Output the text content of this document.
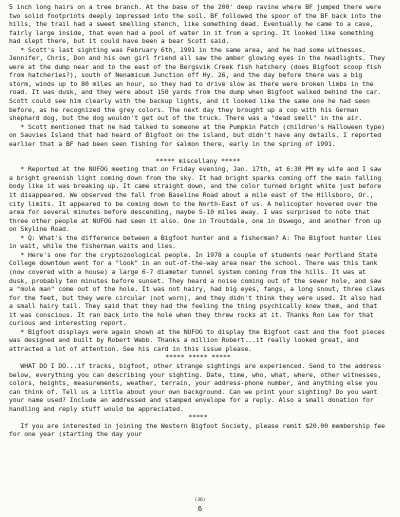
5 inch long hairs on a tree branch. At the base of the 200' deep ravine where BF jumped there were two solid footprints deeply impressed into the soil. BF followed the spoor of the BF back into the hills, the trail had a sweet smelling stench, like something dead. Eventually he came to a cave, fairly large inside, that even had a pool of water in it from a spring. It looked like something had slept there, but it could have been a bear Scott said.

* Scott's last sighting was February 6th, 1991 in the same area, and he had some witnesses. Jennifer, Chris, Don and his own girl friend all saw the amber glowing eyes in the headlights. They were at the dump near and to the east of the Bergsvik Creek fish hatchery (does Bigfoot scoop fish from hatcheries?), south of Nenamicum Junction off Hy. 26, and the day before there was a big storm, winds up to 80 miles an hour, so they had to drive slow as there were broken limbs in the road. It was dusk, and they were about 150 yards from the dump when Bigfoot walked behind the car. Scott could see him clearly with the backup lights, and it looked like the same one he had seen before, as he recognized the grey colors. The next day they brought up a cop with his German shephard dog, but the dog wouldn't get out of the truck. There was a "dead smell" in the air.

* Scott mentioned that he had talked to someone at the Pumpkin Patch (children's Halloween type) on Sauvies Island that had heard of Bigfoot on the island, but didn't have any details. I reported earlier that a BF had been seen fishing for salmon there, early in the spring of 1991.

***** miscellany *****

* Reported at the NUFOG meeting that on Friday evening, Jan. 17th, at 6:30 PM my wife and I saw a bright greenish light coming down from the sky. It had bright sparks coming off the main falling body like it was breaking up. It came straight down, and the color turned bright white just before it disappeared. We observed the fall from Baseline Road about a mile east of the Hillsboro, Or., city limits. It appeared to be coming down to the North-East of us. A helicopter hovered over the area for several minutes before descending, maybe 5-10 miles away. I was surprised to note that three other people at NUFOG had seen it also. One in Troutdale, one in Oswego, and another from up on Skyline Road.

* Q: What's the difference between a Bigfoot hunter and a fisherman? A: The Bigfoot hunter lies in wait, while the fisherman waits and lies.

* Here's one for the cryptozoological people. In 1978 a couple of students near Portland State College downtown went for a "look" in an out-of-the-way area near the school. There was this tank (now covered with a house) a large 6-7 diameter tunnel system coming from the hills. It was at dusk, probably ten minutes before sunset. They heard a noise coming out of the sewer hole, and saw a "mole man" come out of the hole. It was not hairy, had big eyes, fangs, a long snout, three claws for the feet, but they were circular (not worn), and they didn't think they were used. It also had a small hairy tail. They said that they had the feeling the thing psychically knew them, and that it was conscious. It ran back into the hole when they threw rocks at it. Thanks Ron Lee for that curious and interesting report.

* Bigfoot displays were again shown at the NUFOG to display the Bigfoot cast and the foot pieces was designed and built by Robert Webb. Thanks a million Robert...it really looked great, and attracted a lot of attention. See his card in this issue please.

***** ***** *****

WHAT DO I DO...if tracks, bigfoot, other strange sightings are experienced. Send to the address below, everything you can describing your sighting. Date, time, who, what, where, other witnesses, colors, heights, measurements, weather, terrain, your address-phone number, and anything else you can think of. Tell us a little about your own background. Can we print your sighting? Do you want your name used? Include an addressed and stamped envelope for a reply. Also a small donation for handling and reply stuff would be appreciated.

*****

If you are interested in joining the Western Bigfoot Society, please remit $20.00 membership fee for one year (starting the day your

(36)
6
